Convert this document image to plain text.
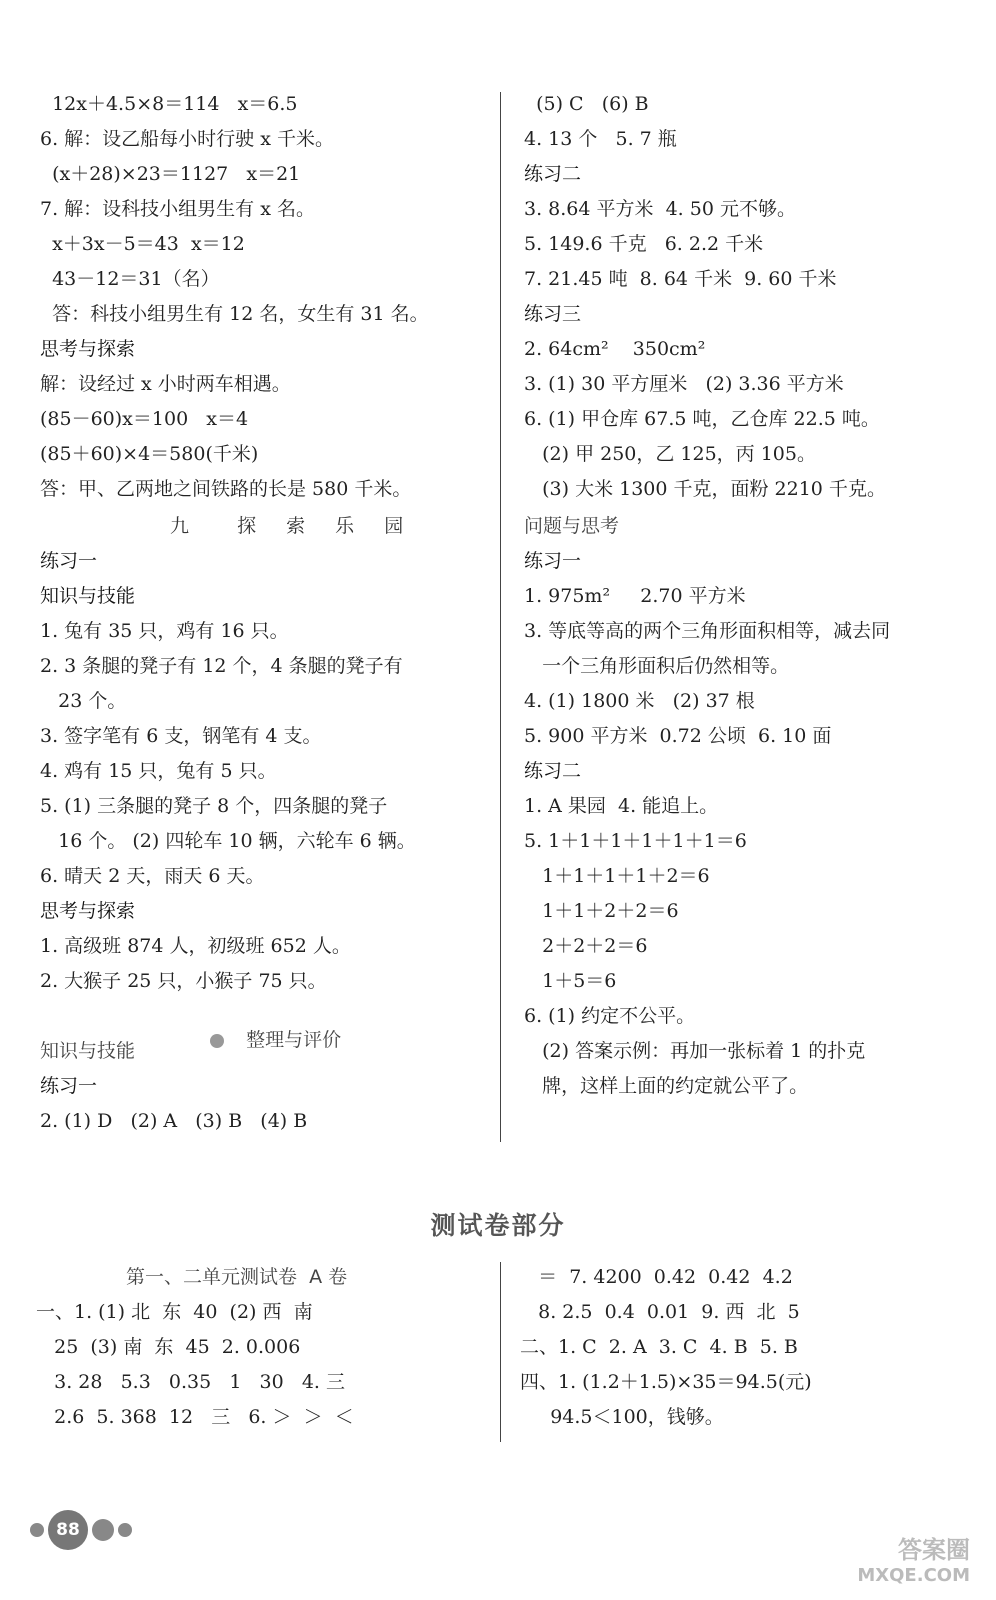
12x＋4.5×8＝114   x＝6.5
6. 解：设乙船每小时行驶 x 千米。
(x＋28)×23＝1127   x＝21
7. 解：设科技小组男生有 x 名。
x＋3x－5＝43  x＝12
43－12＝31（名）
答：科技小组男生有 12 名，女生有 31 名。
思考与探索
解：设经过 x 小时两车相遇。
(85－60)x＝100   x＝4
(85＋60)×4＝580(千米)
答：甲、乙两地之间铁路的长是 580 千米。
九  探 索 乐 园
练习一
知识与技能
1. 兔有 35 只，鸡有 16 只。
2. 3 条腿的凳子有 12 个，4 条腿的凳子有
23 个。
3. 签字笔有 6 支，钢笔有 4 支。
4. 鸡有 15 只，兔有 5 只。
5. (1) 三条腿的凳子 8 个，四条腿的凳子
16 个。 (2) 四轮车 10 辆，六轮车 6 辆。
6. 晴天 2 天，雨天 6 天。
思考与探索
1. 高级班 874 人，初级班 652 人。
2. 大猴子 25 只，小猴子 75 只。

整理与评价

知识与技能
练习一
2. (1) D   (2) A   (3) B   (4) B
(5) C   (6) B
4. 13 个   5. 7 瓶
练习二
3. 8.64 平方米  4. 50 元不够。
5. 149.6 千克   6. 2.2 千米
7. 21.45 吨  8. 64 千米  9. 60 千米
练习三
2. 64cm²    350cm²
3. (1) 30 平方厘米   (2) 3.36 平方米
6. (1) 甲仓库 67.5 吨，乙仓库 22.5 吨。
(2) 甲 250，乙 125，丙 105。
(3) 大米 1300 千克，面粉 2210 千克。
问题与思考
练习一
1. 975m²     2.70 平方米
3. 等底等高的两个三角形面积相等，减去同
一个三角形面积后仍然相等。
4. (1) 1800 米   (2) 37 根
5. 900 平方米  0.72 公顷  6. 10 面
练习二
1. A 果园  4. 能追上。
5. 1＋1＋1＋1＋1＋1＝6
1＋1＋1＋1＋2＝6
1＋1＋2＋2＝6
2＋2＋2＝6
1＋5＝6
6. (1) 约定不公平。
(2) 答案示例：再加一张标着 1 的扑克
牌，这样上面的约定就公平了。
测试卷部分
第一、二单元测试卷  A 卷
一、1. (1) 北  东  40  (2) 西  南
25  (3) 南  东  45  2. 0.006
3. 28   5.3   0.35   1   30   4. 三
2.6  5. 368  12   三   6. ＞  ＞  ＜
＝  7. 4200  0.42  0.42  4.2
8. 2.5  0.4  0.01  9. 西  北  5
二、1. C  2. A  3. C  4. B  5. B
四、1. (1.2＋1.5)×35＝94.5(元)
94.5＜100，钱够。
88
答案圈
MXQE.COM
